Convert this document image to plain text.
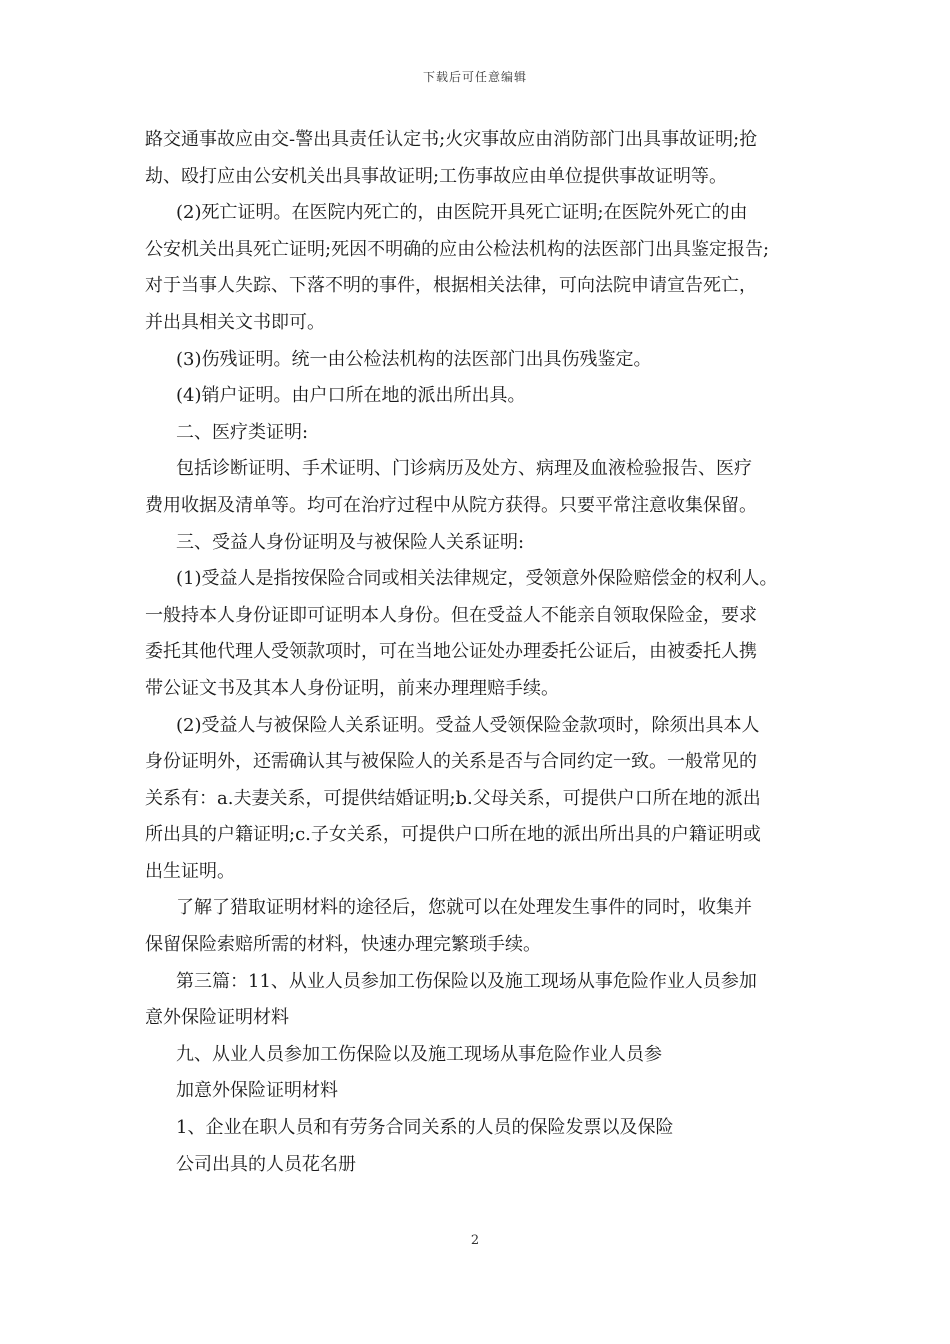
下载后可任意编辑
路交通事故应由交-警出具责任认定书;火灾事故应由消防部门出具事故证明;抢
劫、殴打应由公安机关出具事故证明;工伤事故应由单位提供事故证明等。
(2)死亡证明。在医院内死亡的，由医院开具死亡证明;在医院外死亡的由
公安机关出具死亡证明;死因不明确的应由公检法机构的法医部门出具鉴定报告;
对于当事人失踪、下落不明的事件，根据相关法律，可向法院申请宣告死亡，
并出具相关文书即可。
(3)伤残证明。统一由公检法机构的法医部门出具伤残鉴定。
(4)销户证明。由户口所在地的派出所出具。
二、医疗类证明:
包括诊断证明、手术证明、门诊病历及处方、病理及血液检验报告、医疗
费用收据及清单等。均可在治疗过程中从院方获得。只要平常注意收集保留。
三、受益人身份证明及与被保险人关系证明:
(1)受益人是指按保险合同或相关法律规定，受领意外保险赔偿金的权利人。
一般持本人身份证即可证明本人身份。但在受益人不能亲自领取保险金，要求
委托其他代理人受领款项时，可在当地公证处办理委托公证后，由被委托人携
带公证文书及其本人身份证明，前来办理理赔手续。
(2)受益人与被保险人关系证明。受益人受领保险金款项时，除须出具本人
身份证明外，还需确认其与被保险人的关系是否与合同约定一致。一般常见的
关系有：a.夫妻关系，可提供结婚证明;b.父母关系，可提供户口所在地的派出
所出具的户籍证明;c.子女关系，可提供户口所在地的派出所出具的户籍证明或
出生证明。
了解了猎取证明材料的途径后，您就可以在处理发生事件的同时，收集并
保留保险索赔所需的材料，快速办理完繁琐手续。
第三篇：11、从业人员参加工伤保险以及施工现场从事危险作业人员参加
意外保险证明材料
九、从业人员参加工伤保险以及施工现场从事危险作业人员参
加意外保险证明材料
1、企业在职人员和有劳务合同关系的人员的保险发票以及保险
公司出具的人员花名册
2
